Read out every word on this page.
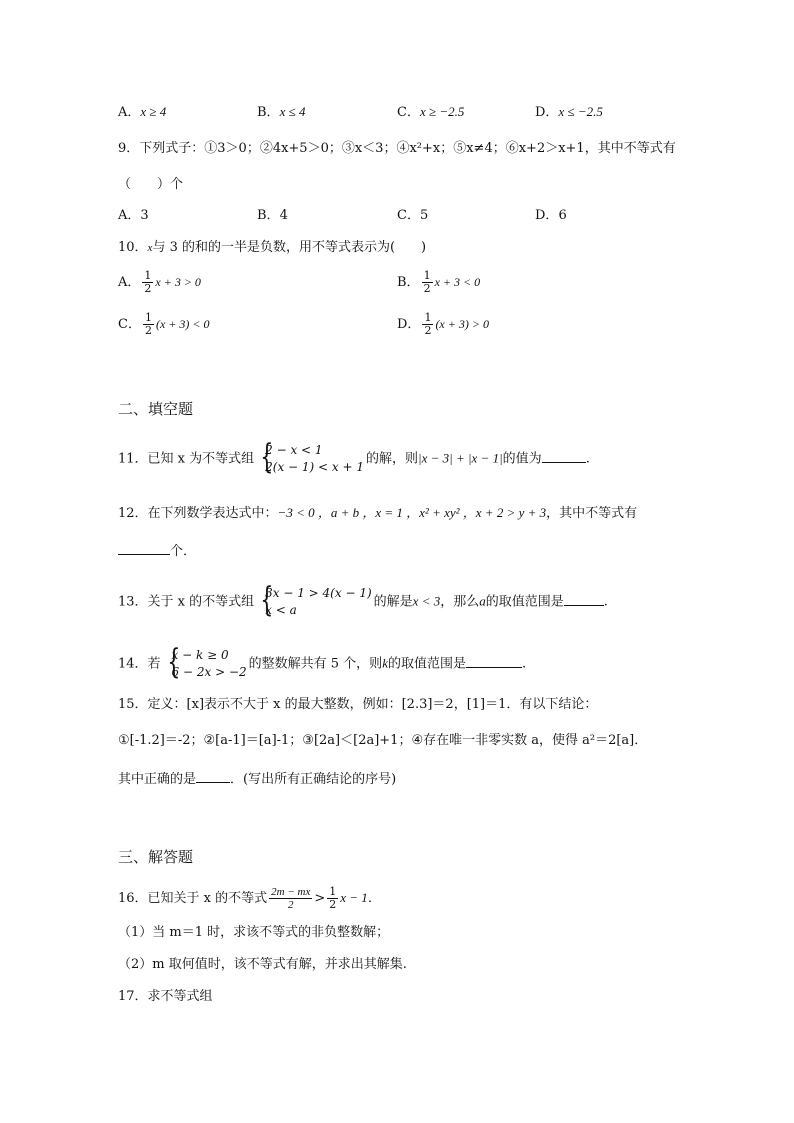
A．x ≥ 4	B．x ≤ 4	C．x ≥ −2.5	D．x ≤ −2.5
9．下列式子：①3＞0；②4x+5＞0；③x＜3；④x²+x；⑤x≠4；⑥x+2＞x+1，其中不等式有
（　　）个
A．3	B．4	C．5	D．6
10．$^x$与 3 的和的一半是负数，用不等式表示为(　　)
A． $\frac{1}{2}$ x + 3 > 0	B． $\frac{1}{2}$ x + 3 < 0
C． $\frac{1}{2} (x + 3) < 0$	D． $\frac{1}{2} (x + 3) > 0$
二、填空题
11．已知 x 为不等式组 {
2 − x < 1
2(x − 1) < x + 1
的解，则|x − 3| + |x − 1|的值为	.
12．在下列数学表达式中：−3 < 0 ，a + b ，x = 1 ，x² + xy² ，x + 2 > y + 3，其中不等式有
个．
13．关于 x 的不等式组 {
3x − 1 > 4(x − 1)
x < a
的解是x < 3，那么a的取值范围是	.
14．若 {
x − k ≥ 0
6 − 2x > −2
的整数解共有 5 个，则k的取值范围是	.
15．定义：[x]表示不大于 x 的最大整数，例如：[2.3]＝2，[1]＝1．有以下结论：
①[-1.2]＝-2；②[a-1]＝[a]-1；③[2a]＜[2a]+1；④存在唯一非零实数 a，使得 a²＝2[a]．
其中正确的是	．(写出所有正确结论的序号)
三、解答题
16．已知关于 x 的不等式 $\frac{2m - mx}{2} > \frac{1}{2}$ x − 1．
（1）当 m＝1 时，求该不等式的非负整数解；
（2）m 取何值时，该不等式有解，并求出其解集.
17．求不等式组
